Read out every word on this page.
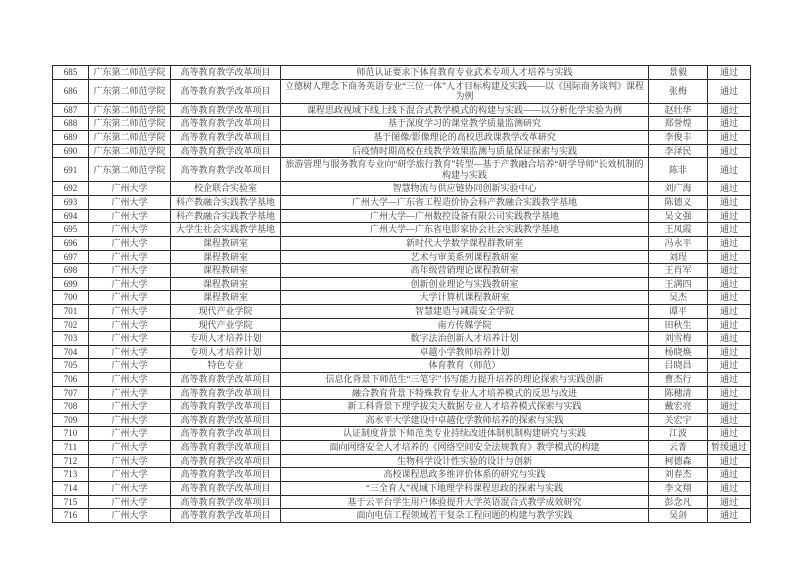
685	广东第二师范学院	高等教育教学改革项目	师范认证要求下体育教育专业武术专项人才培养与实践	景毅	通过
686	广东第二师范学院	高等教育教学改革项目	立德树人理念下商务英语专业“三位一体”人才目标构建及实践——以《国际商务谈判》课程为例	张梅	通过
687	广东第二师范学院	高等教育教学改革项目	课程思政视域下线上线下混合式教学模式的构建与实践——以分析化学实验为例	赵壮华	通过
688	广东第二师范学院	高等教育教学改革项目	基于深度学习的课堂教学质量监测研究	郑誉煌	通过
689	广东第二师范学院	高等教育教学改革项目	基于图像/影像理论的高校思政课教学改革研究	李俊丰	通过
690	广东第二师范学院	高等教育教学改革项目	后疫情时期高校在线教学效果监测与质量保证探索与实践	李泽民	通过
691	广东第二师范学院	高等教育教学改革项目	旅游管理与服务教育专业向“研学旅行教育”转型—基于产教融合培养“研学导师”长效机制的构建与实践	陈非	通过
692	广州大学	校企联合实验室	智慧物流与供应链协同创新实验中心	刘广海	通过
693	广州大学	科产教融合实践教学基地	广州大学—广东省工程造价协会科产教融合实践教学基地	陈德义	通过
694	广州大学	科产教融合实践教学基地	广州大学—广州数控设备有限公司实践教学基地	吴文强	通过
695	广州大学	大学生社会实践教学基地	广州大学—广东省电影家协会社会实践教学基地	王凤霞	通过
696	广州大学	课程教研室	新时代大学数学课程群教研室	冯永平	通过
697	广州大学	课程教研室	艺术与审美系列课程教研室	刘珵	通过
698	广州大学	课程教研室	高年级营销理论课程教研室	王肖军	通过
699	广州大学	课程教研室	创新创业理论与实践教研室	王满四	通过
700	广州大学	课程教研室	大学计算机课程教研室	吴杰	通过
701	广州大学	现代产业学院	智慧建造与减震安全学院	谭平	通过
702	广州大学	现代产业学院	南方传媒学院	田秋生	通过
703	广州大学	专项人才培养计划	数字法治创新人才培养计划	刘雪梅	通过
704	广州大学	专项人才培养计划	卓越小学教师培养计划	杨晓焕	通过
705	广州大学	特色专业	体育教育（师范）	吕晓昌	通过
706	广州大学	高等教育教学改革项目	信息化背景下师范生“三笔字”书写能力提升培养的理论探索与实践创新	曹杰行	通过
707	广州大学	高等教育教学改革项目	融合教育背景下特殊教育专业人才培养模式的反思与改进	陈穗清	通过
708	广州大学	高等教育教学改革项目	新工科背景下理学拔尖大数据专业人才培养模式探索与实践	戴宏亮	通过
709	广州大学	高等教育教学改革项目	高水平大学建设中卓越化学教师培养的探索与实践	关宏宇	通过
710	广州大学	高等教育教学改革项目	认证制度背景下师范类专业持续改进体制机制构建研究与实践	江波	通过
711	广州大学	高等教育教学改革项目	面向网络安全人才培养的《网络空间安全法规教育》教学模式的构建	云菁	暂缓通过
712	广州大学	高等教育教学改革项目	生物科学设计性实验的设计与创新	柯德森	通过
713	广州大学	高等教育教学改革项目	高校课程思政多维评价体系的研究与实践	刘春杰	通过
714	广州大学	高等教育教学改革项目	“三全育人”视域下地理学科课程思政的探索与实践	李文翔	通过
715	广州大学	高等教育教学改革项目	基于云平台学生用户体验提升大学英语混合式教学成效研究	彭念凡	通过
716	广州大学	高等教育教学改革项目	面向电信工程领域若干复杂工程问题的构建与教学实践	吴剑	通过
